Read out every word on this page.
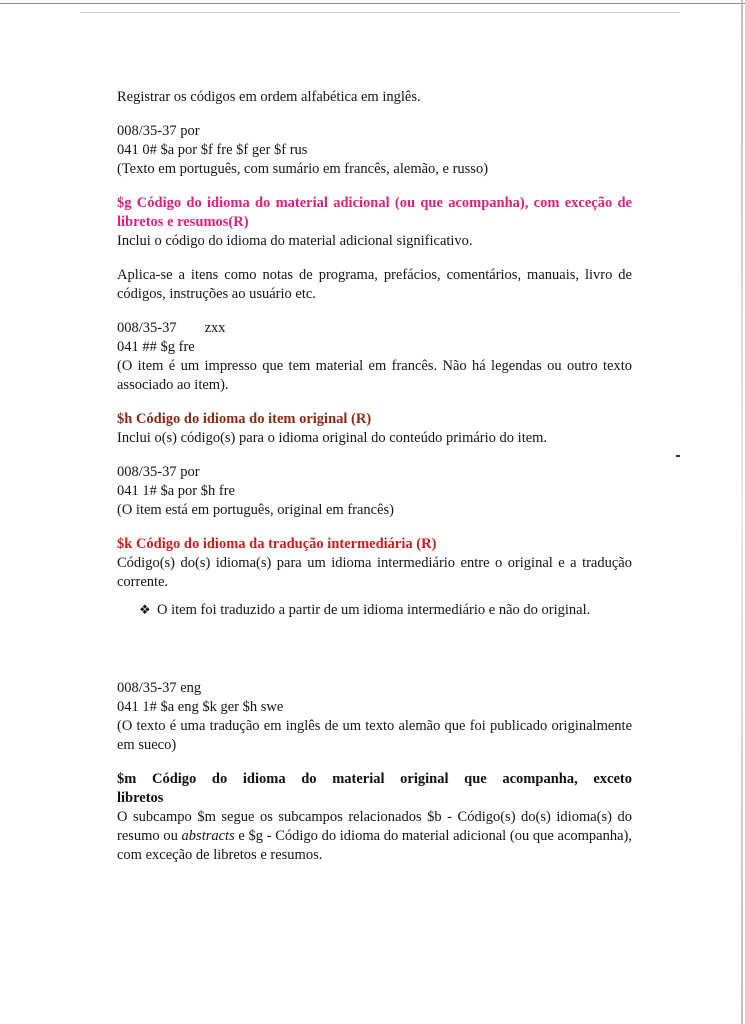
Registrar os códigos em ordem alfabética em inglês.

008/35-37 por

041 0# $a por $f fre $f ger $f rus

(Texto em português, com sumário em francês, alemão, e russo)

$g Código do idioma do material adicional (ou que acompanha), com exceção de libretos e resumos(R)

Inclui o código do idioma do material adicional significativo.

Aplica-se a itens como notas de programa, prefácios, comentários, manuais, livro de códigos, instruções ao usuário etc.

008/35-37 zxx

041 ## $g fre

(O item é um impresso que tem material em francês. Não há legendas ou outro texto associado ao item).

$h Código do idioma do item original (R)

Inclui o(s) código(s) para o idioma original do conteúdo primário do item.

008/35-37 por

041 1# $a por $h fre

(O item está em português, original em francês)

$k Código do idioma da tradução intermediária (R)

Código(s) do(s) idioma(s) para um idioma intermediário entre o original e a tradução corrente.

❖ O item foi traduzido a partir de um idioma intermediário e não do original.

008/35-37 eng

041 1# $a eng $k ger $h swe

(O texto é uma tradução em inglês de um texto alemão que foi publicado originalmente em sueco)

$m Código do idioma do material original que acompanha, exceto libretos

O subcampo $m segue os subcampos relacionados $b - Código(s) do(s) idioma(s) do resumo ou abstracts e $g - Código do idioma do material adicional (ou que acompanha), com exceção de libretos e resumos.
